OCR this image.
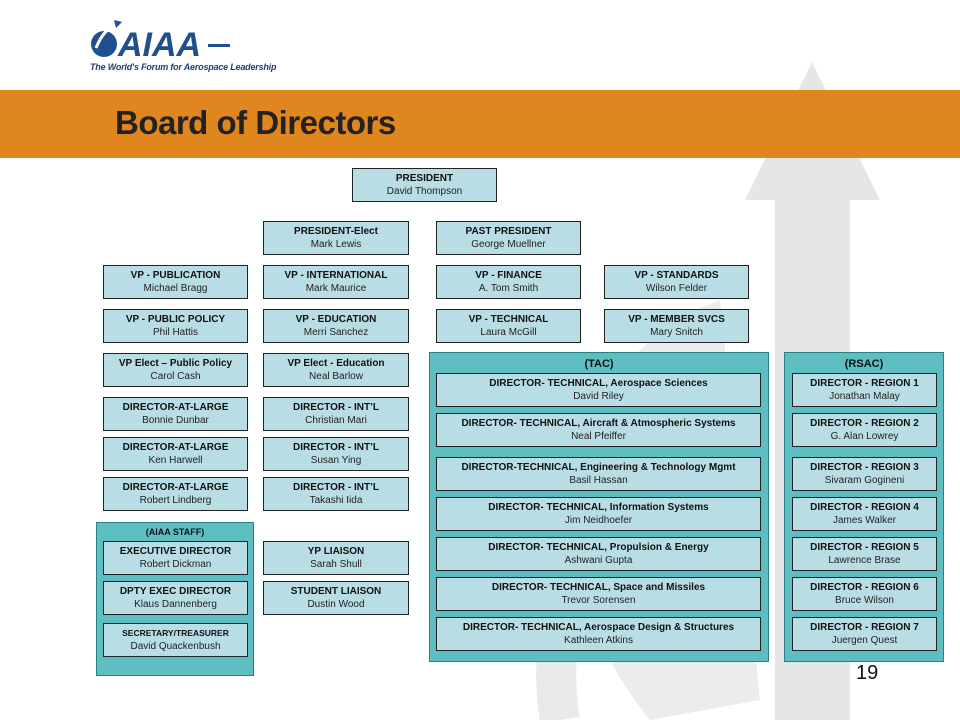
AIAA
The World's Forum for Aerospace Leadership
Board of Directors
(TAC)	(RSAC)
(AIAA STAFF)
PRESIDENT
David Thompson
PRESIDENT-Elect
Mark Lewis
PAST PRESIDENT
George Muellner
VP - PUBLICATION
Michael Bragg
VP - INTERNATIONAL
Mark Maurice
VP - FINANCE
A. Tom Smith
VP - STANDARDS
Wilson Felder
VP - PUBLIC POLICY
Phil Hattis
VP - EDUCATION
Merri Sanchez
VP - TECHNICAL
Laura McGill
VP - MEMBER SVCS
Mary Snitch
VP Elect – Public Policy
Carol Cash
VP Elect - Education
Neal Barlow
DIRECTOR-AT-LARGE
Bonnie Dunbar
DIRECTOR-AT-LARGE
Ken Harwell
DIRECTOR-AT-LARGE
Robert Lindberg
DIRECTOR - INT’L
Christian Mari
DIRECTOR - INT’L
Susan Ying
DIRECTOR - INT’L
Takashi Iida
EXECUTIVE DIRECTOR
Robert Dickman
DPTY EXEC DIRECTOR
Klaus Dannenberg
SECRETARY/TREASURER
David Quackenbush
YP LIAISON
Sarah Shull
STUDENT LIAISON
Dustin Wood
DIRECTOR- TECHNICAL, Aerospace Sciences
David Riley
DIRECTOR- TECHNICAL, Aircraft & Atmospheric Systems
Neal Pfeiffer
DIRECTOR-TECHNICAL, Engineering & Technology Mgmt
Basil Hassan
DIRECTOR- TECHNICAL, Information Systems
Jim Neidhoefer
DIRECTOR- TECHNICAL, Propulsion & Energy
Ashwani Gupta
DIRECTOR- TECHNICAL, Space and Missiles
Trevor Sorensen
DIRECTOR- TECHNICAL, Aerospace Design & Structures
Kathleen Atkins
DIRECTOR - REGION 1
Jonathan Malay
DIRECTOR - REGION 2
G. Alan Lowrey
DIRECTOR - REGION 3
Sivaram Gogineni
DIRECTOR - REGION 4
James Walker
DIRECTOR - REGION 5
Lawrence Brase
DIRECTOR - REGION 6
Bruce Wilson
DIRECTOR - REGION 7
Juergen Quest
19
